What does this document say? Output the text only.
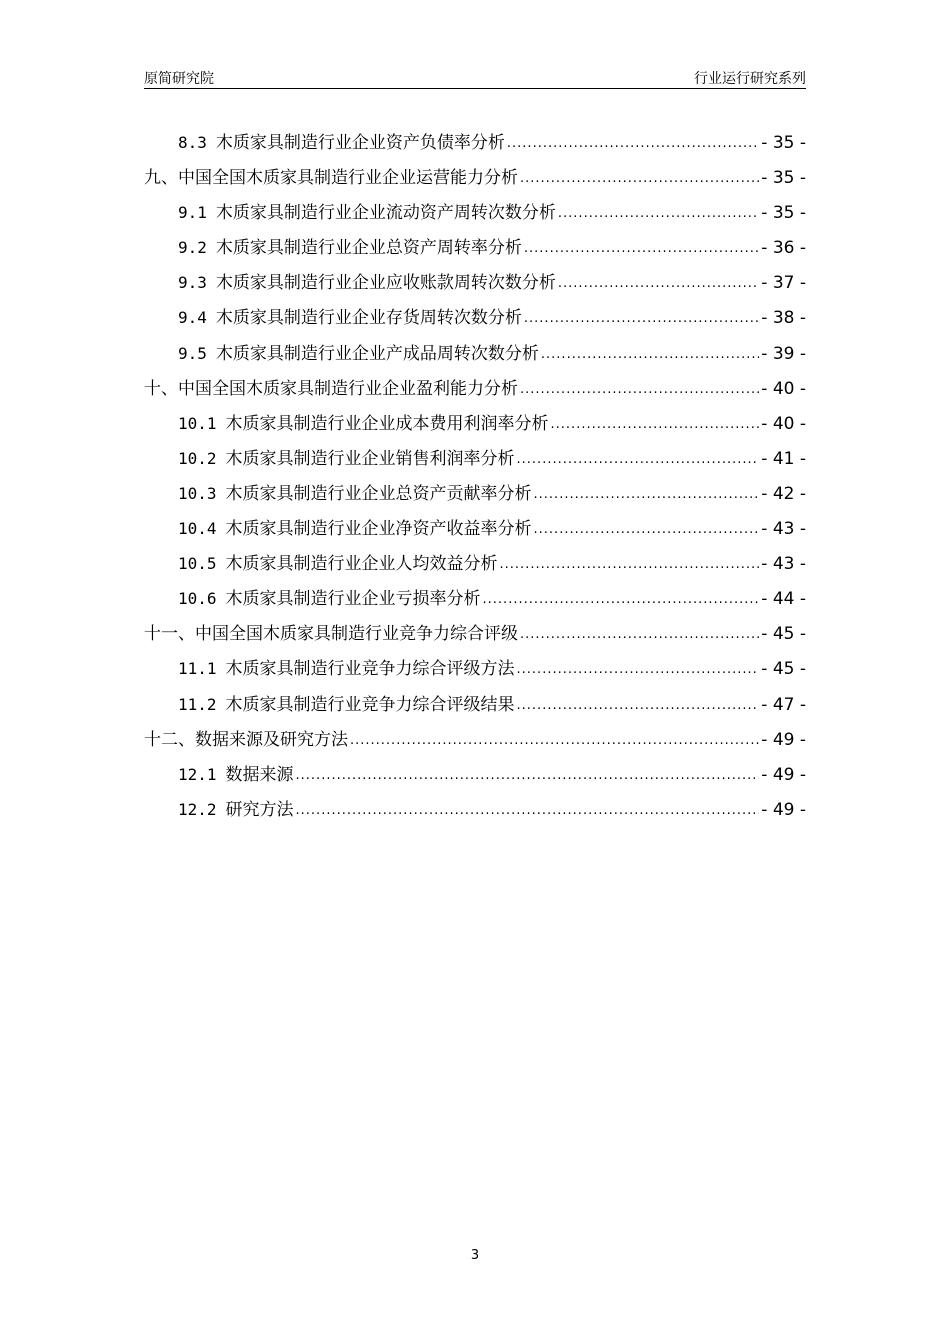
原简研究院	行业运行研究系列
8.3 木质家具制造行业企业资产负债率分析 .....	- 35 -
九、中国全国木质家具制造行业企业运营能力分析 .....	- 35 -
9.1 木质家具制造行业企业流动资产周转次数分析 .....	- 35 -
9.2 木质家具制造行业企业总资产周转率分析 .....	- 36 -
9.3 木质家具制造行业企业应收账款周转次数分析 .....	- 37 -
9.4 木质家具制造行业企业存货周转次数分析 .....	- 38 -
9.5 木质家具制造行业企业产成品周转次数分析 .....	- 39 -
十、中国全国木质家具制造行业企业盈利能力分析 .....	- 40 -
10.1 木质家具制造行业企业成本费用利润率分析 .....	- 40 -
10.2 木质家具制造行业企业销售利润率分析 .....	- 41 -
10.3 木质家具制造行业企业总资产贡献率分析 .....	- 42 -
10.4 木质家具制造行业企业净资产收益率分析 .....	- 43 -
10.5 木质家具制造行业企业人均效益分析 .....	- 43 -
10.6 木质家具制造行业企业亏损率分析 .....	- 44 -
十一、中国全国木质家具制造行业竞争力综合评级 .....	- 45 -
11.1 木质家具制造行业竞争力综合评级方法 .....	- 45 -
11.2 木质家具制造行业竞争力综合评级结果 .....	- 47 -
十二、数据来源及研究方法 .....	- 49 -
12.1 数据来源 .....	- 49 -
12.2 研究方法 .....	- 49 -
3
